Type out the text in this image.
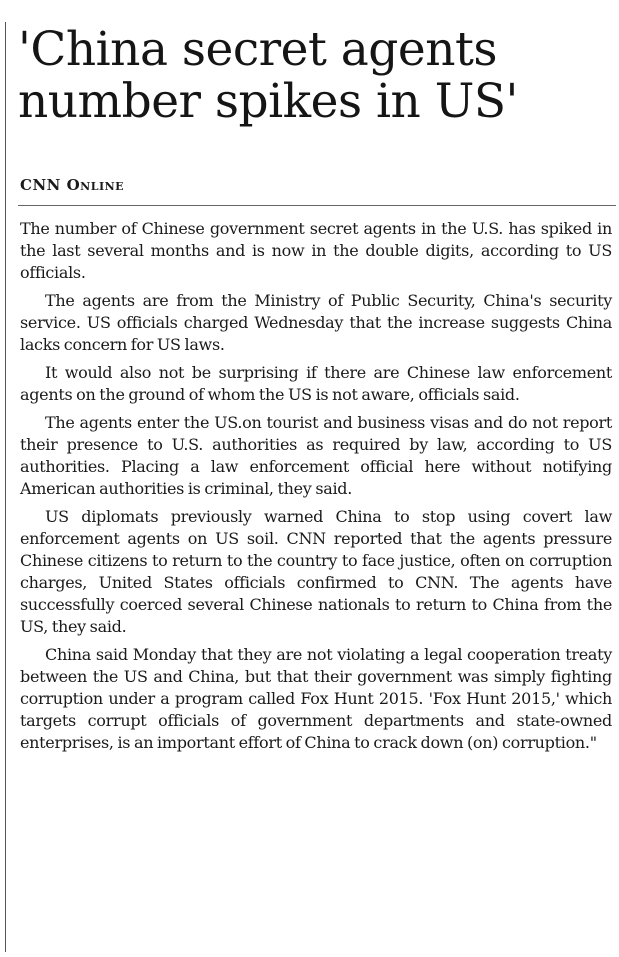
'China secret agents
number spikes in US'
CNN Online

The number of Chinese government secret agents in the U.S. has spiked in the last several months and is now in the double digits, according to US officials.

The agents are from the Ministry of Public Security, China's security service. US officials charged Wednesday that the increase suggests China lacks concern for US laws.

It would also not be surprising if there are Chinese law enforcement agents on the ground of whom the US is not aware, officials said.

The agents enter the US.on tourist and business visas and do not report their presence to U.S. authorities as required by law, according to US authorities. Placing a law enforcement official here without notifying American authorities is criminal, they said.

US diplomats previously warned China to stop using covert law enforcement agents on US soil. CNN reported that the agents pressure Chinese citizens to return to the country to face justice, often on corruption charges, United States officials confirmed to CNN. The agents have successfully coerced several Chinese nationals to return to China from the US, they said.

China said Monday that they are not violating a legal cooperation treaty between the US and China, but that their government was simply fighting corruption under a program called Fox Hunt 2015. 'Fox Hunt 2015,' which targets corrupt officials of government departments and state-owned enterprises, is an important effort of China to crack down (on) corruption."
